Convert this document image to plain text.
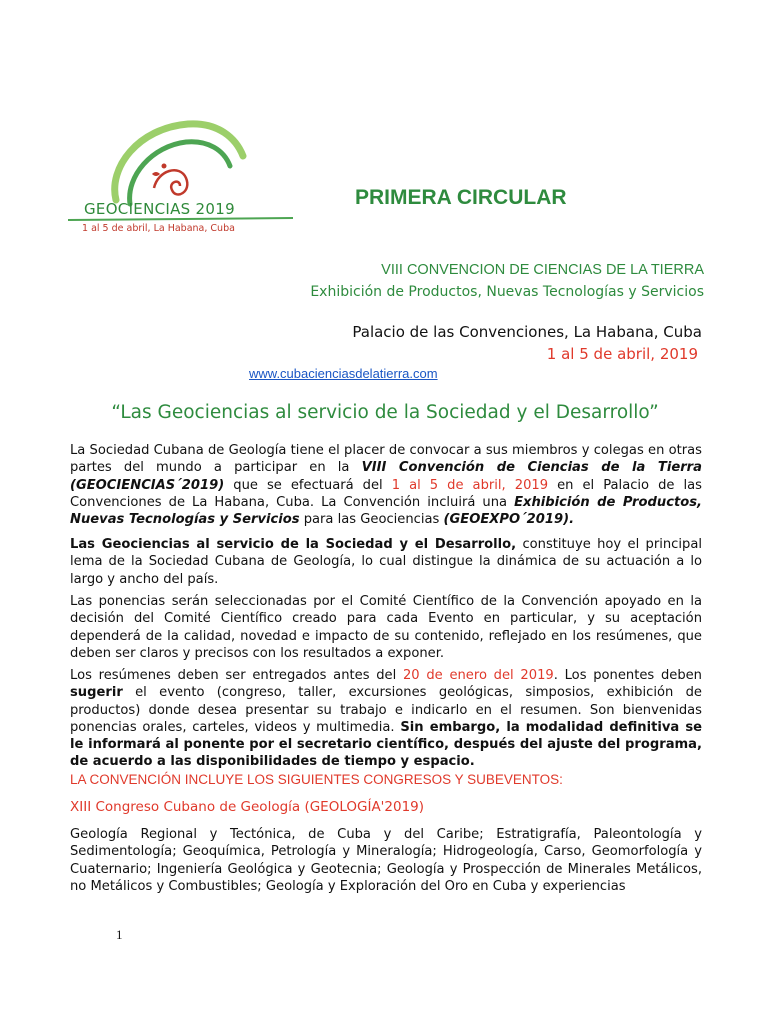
GEOCIENCIAS 2019
1 al 5 de abril, La Habana, Cuba
PRIMERA CIRCULAR
VIII CONVENCION DE CIENCIAS DE LA TIERRA
Exhibición de Productos, Nuevas Tecnologías y Servicios
Palacio de las Convenciones, La Habana, Cuba
1 al 5 de abril, 2019
www.cubacienciasdelatierra.com
“Las Geociencias al servicio de la Sociedad y el Desarrollo”
La Sociedad Cubana de Geología tiene el placer de convocar a sus miembros y colegas en otras partes del mundo a participar en la VIII Convención de Ciencias de la Tierra (GEOCIENCIAS´2019) que se efectuará del 1 al 5 de abril, 2019 en el Palacio de las Convenciones de La Habana, Cuba. La Convención incluirá una Exhibición de Productos, Nuevas Tecnologías y Servicios para las Geociencias (GEOEXPO´2019).
Las Geociencias al servicio de la Sociedad y el Desarrollo, constituye hoy el principal lema de la Sociedad Cubana de Geología, lo cual distingue la dinámica de su actuación a lo largo y ancho del país.
Las ponencias serán seleccionadas por el Comité Científico de la Convención apoyado en la decisión del Comité Científico creado para cada Evento en particular, y su aceptación dependerá de la calidad, novedad e impacto de su contenido, reflejado en los resúmenes, que deben ser claros y precisos con los resultados a exponer.
Los resúmenes deben ser entregados antes del 20 de enero del 2019. Los ponentes deben sugerir el evento (congreso, taller, excursiones geológicas, simposios, exhibición de productos) donde desea presentar su trabajo e indicarlo en el resumen. Son bienvenidas ponencias orales, carteles, videos y multimedia. Sin embargo, la modalidad definitiva se le informará al ponente por el secretario científico, después del ajuste del programa, de acuerdo a las disponibilidades de tiempo y espacio.
LA CONVENCIÓN INCLUYE LOS SIGUIENTES CONGRESOS Y SUBEVENTOS:
XIII Congreso Cubano de Geología (GEOLOGÍA'2019)
Geología Regional y Tectónica, de Cuba y del Caribe; Estratigrafía, Paleontología y Sedimentología; Geoquímica, Petrología y Mineralogía; Hidrogeología, Carso, Geomorfología y Cuaternario; Ingeniería Geológica y Geotecnia; Geología y Prospección de Minerales Metálicos, no Metálicos y Combustibles; Geología y Exploración del Oro en Cuba y experiencias
1
